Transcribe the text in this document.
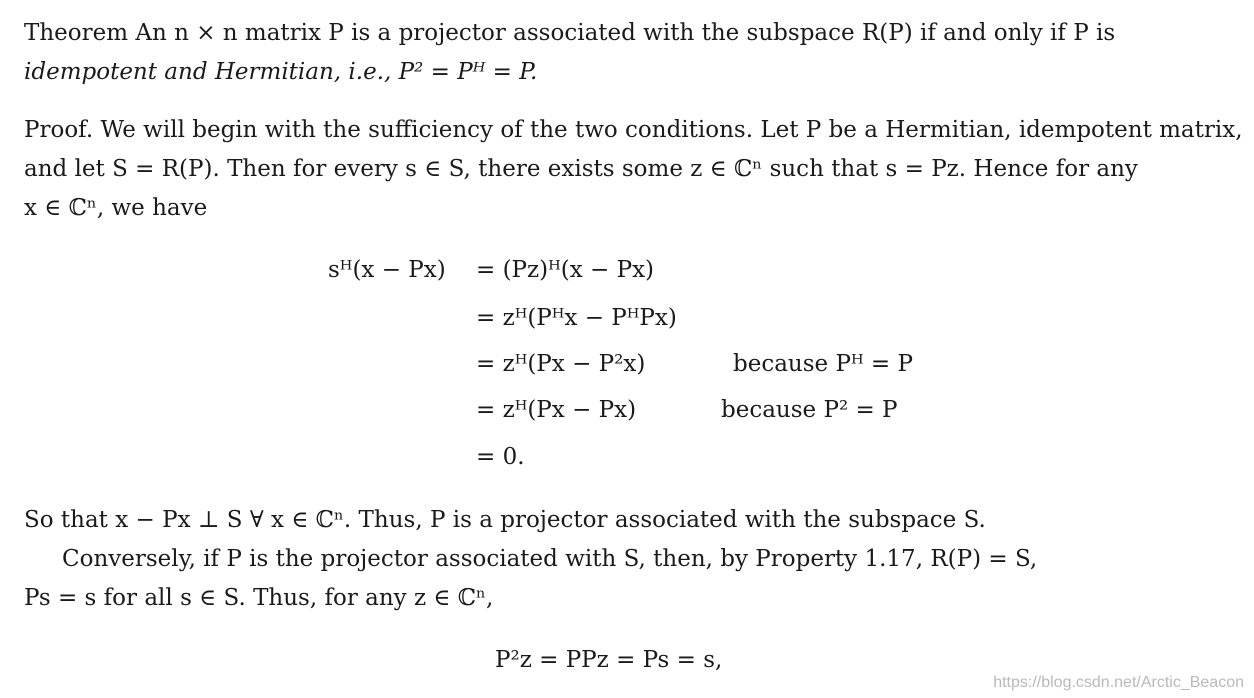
Theorem An n × n matrix P is a projector associated with the subspace R(P) if and only if P is
idempotent and Hermitian, i.e., P² = Pᴴ = P.
Proof. We will begin with the sufficiency of the two conditions. Let P be a Hermitian, idempotent matrix,
and let S = R(P). Then for every s ∈ S, there exists some z ∈ ℂⁿ such that s = Pz. Hence for any
x ∈ ℂⁿ, we have
sᴴ(x − Px) = (Pz)ᴴ(x − Px)
= zᴴ(Pᴴx − PᴴPx)
= zᴴ(Px − P²x)	because Pᴴ = P
= zᴴ(Px − Px)	because P² = P
= 0.
So that x − Px ⊥ S ∀ x ∈ ℂⁿ. Thus, P is a projector associated with the subspace S.
Conversely, if P is the projector associated with S, then, by Property 1.17, R(P) = S,
Ps = s for all s ∈ S. Thus, for any z ∈ ℂⁿ,
P²z = PPz = Ps = s,
https://blog.csdn.net/Arctic_Beacon
